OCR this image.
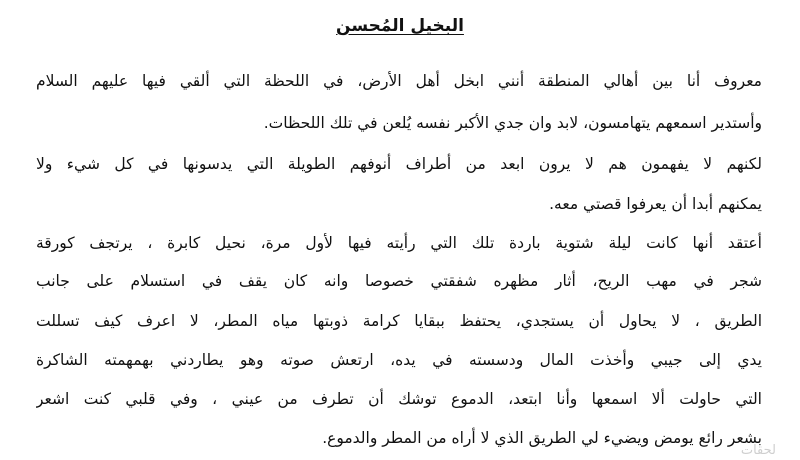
البخيل المُحسن
معروف أنا بين أهالي المنطقة أنني ابخل أهل الأرض، في اللحظة التي ألقي فيها عليهم السلام
وأستدير اسمعهم يتهامسون، لابد وان جدي الأكبر نفسه يُلعن في تلك اللحظات.
لكنهم لا يفهمون هم لا يرون ابعد من أطراف أنوفهم الطويلة التي يدسونها في كل شيء ولا
يمكنهم أبدا أن يعرفوا قصتي معه.
أعتقد أنها كانت ليلة شتوية باردة تلك التي رأيته فيها لأول مرة، نحيل كابرة ، يرتجف كورقة
شجر في مهب الريح، أثار مظهره شفقتي خصوصا وانه كان يقف في استسلام على جانب
الطريق ، لا يحاول أن يستجدي، يحتفظ ببقايا كرامة ذوبتها مياه المطر، لا اعرف كيف تسللت
يدي إلى جيبي وأخذت المال ودسسته في يده، ارتعش صوته وهو يطاردني بهمهمته الشاكرة
التي حاولت ألا اسمعها وأنا ابتعد، الدموع توشك أن تطرف من عيني ، وفي قلبي كنت اشعر
بشعر رائع يومض ويضيء لي الطريق الذي لا أراه من المطر والدموع.
لحقات
